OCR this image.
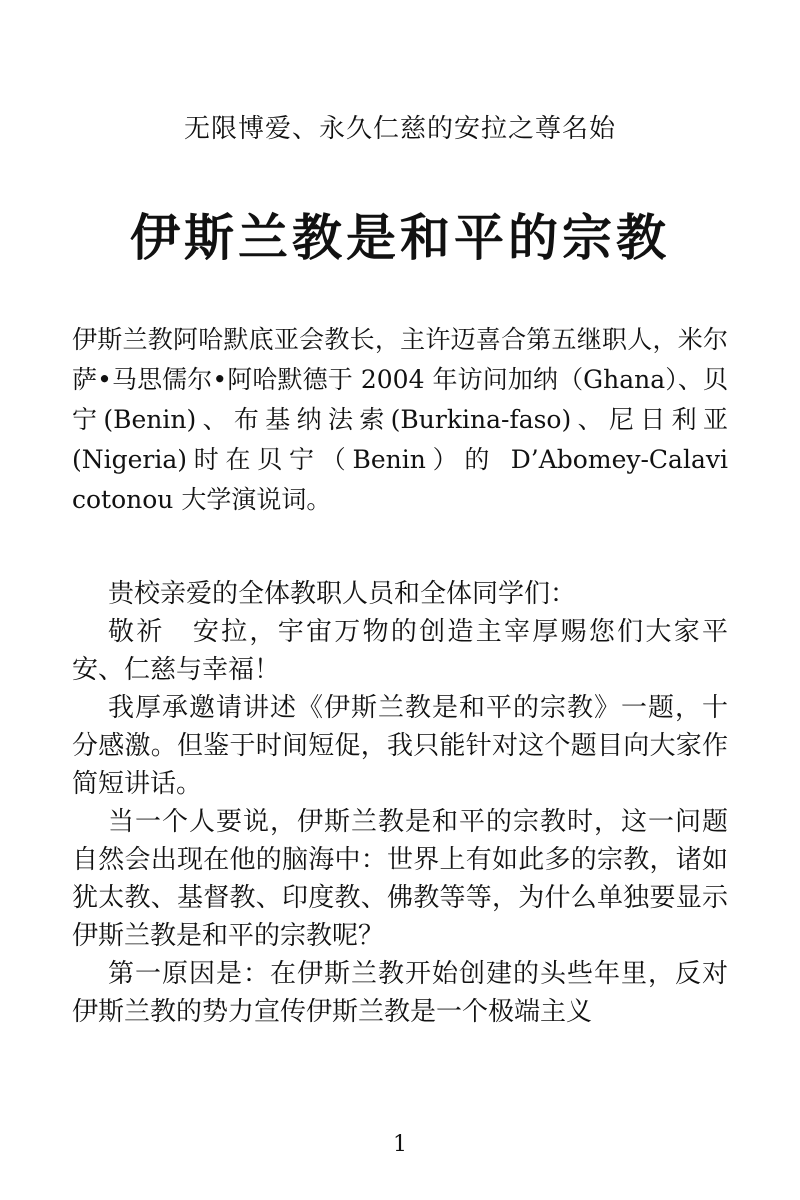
无限博爱、永久仁慈的安拉之尊名始
伊斯兰教是和平的宗教

伊斯兰教阿哈默底亚会教长，主许迈喜合第五继职人，米尔萨•马思儒尔•阿哈默德于 2004 年访问加纳（Ghana）、贝宁(Benin)、布基纳法索(Burkina-faso)、尼日利亚(Nigeria)时在贝宁（Benin）的 D’Abomey-Calavi cotonou 大学演说词。

贵校亲爱的全体教职人员和全体同学们：

敬祈　安拉，宇宙万物的创造主宰厚赐您们大家平安、仁慈与幸福！

我厚承邀请讲述《伊斯兰教是和平的宗教》一题，十分感激。但鉴于时间短促，我只能针对这个题目向大家作简短讲话。

当一个人要说，伊斯兰教是和平的宗教时，这一问题自然会出现在他的脑海中：世界上有如此多的宗教，诸如犹太教、基督教、印度教、佛教等等，为什么单独要显示伊斯兰教是和平的宗教呢？

第一原因是：在伊斯兰教开始创建的头些年里，反对伊斯兰教的势力宣传伊斯兰教是一个极端主义

1
